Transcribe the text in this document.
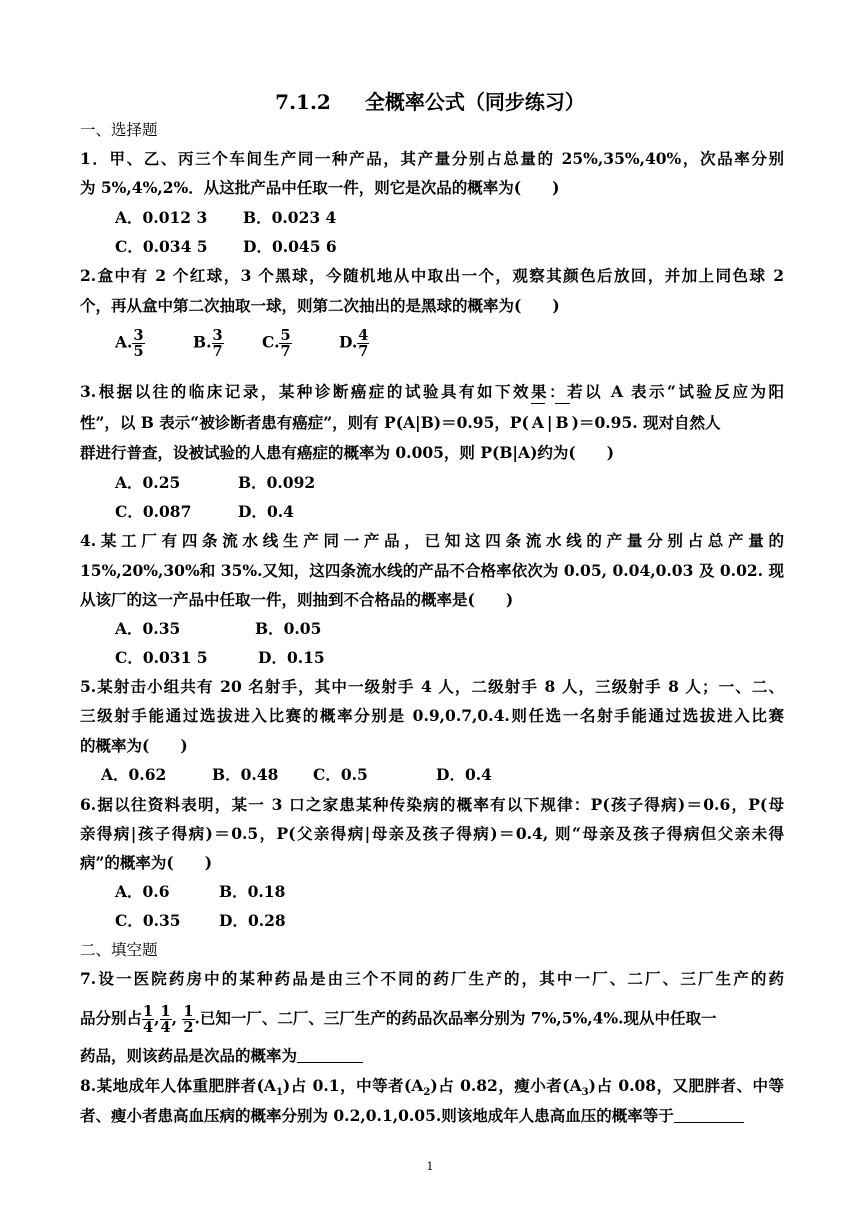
7.1.2 全概率公式（同步练习）
一、选择题
1．甲、乙、丙三个车间生产同一种产品，其产量分别占总量的 25%,35%,40%，次品率分别
为 5%,4%,2%．从这批产品中任取一件，则它是次品的概率为(　　)
A．0.012 3 B．0.023 4
C．0.034 5 D．0.045 6
2.盒中有 2 个红球，3 个黑球，今随机地从中取出一个，观察其颜色后放回，并加上同色球 2
个，再从盒中第二次抽取一球，则第二次抽出的是黑球的概率为(　　)
A. $\frac{3}{5}$	B. $\frac{3}{7} C$. $\frac{5}{7}$	D. $\frac{4}{7}$
3.根据以往的临床记录，某种诊断癌症的试验具有如下效果：若以 A 表示“试验反应为阳
性”，以 B 表示“被诊断者患有癌症”，则有 P(A|B)＝0.95，P( A | B )＝0.95. 现对自然人
群进行普查，设被试验的人患有癌症的概率为 0.005，则 P(B|A)约为(　　)
A．0.25	B．0.092
C．0.087	D．0.4
4.某工厂有四条流水线生产同一产品，已知这四条流水线的产量分别占总产量的
15%,20%,30%和 35%.又知，这四条流水线的产品不合格率依次为 0.05, 0.04,0.03 及 0.02. 现
从该厂的这一产品中任取一件，则抽到不合格品的概率是(　　)
A．0.35	B．0.05
C．0.031 5	D．0.15
5.某射击小组共有 20 名射手，其中一级射手 4 人，二级射手 8 人，三级射手 8 人；一、二、
三级射手能通过选拔进入比赛的概率分别是 0.9,0.7,0.4.则任选一名射手能通过选拔进入比赛
的概率为(　　)
A．0.62	B．0.48 C．0.5	D．0.4
6.据以往资料表明，某一 3 口之家患某种传染病的概率有以下规律：P(孩子得病)＝0.6，P(母
亲得病|孩子得病)＝0.5，P(父亲得病|母亲及孩子得病)＝0.4, 则“母亲及孩子得病但父亲未得
病”的概率为(　　)
A．0.6	B．0.18
C．0.35 D．0.28
二、填空题
7.设一医院药房中的某种药品是由三个不同的药厂生产的，其中一厂、二厂、三厂生产的药
品分别占 $\frac{1}{4}$ , $\frac{1}{4}$ , $\frac{1}{2}$ .已知一厂、二厂、三厂生产的药品次品率分别为 7%,5%,4%.现从中任取一
药品，则该药品是次品的概率为
8.某地成年人体重肥胖者$(A_1)$占 0.1，中等者$(A_2)$占 0.82，瘦小者$(A_3)$占 0.08，又肥胖者、中等
者、瘦小者患高血压病的概率分别为 0.2,0.1,0.05.则该地成年人患高血压的概率等于
1
